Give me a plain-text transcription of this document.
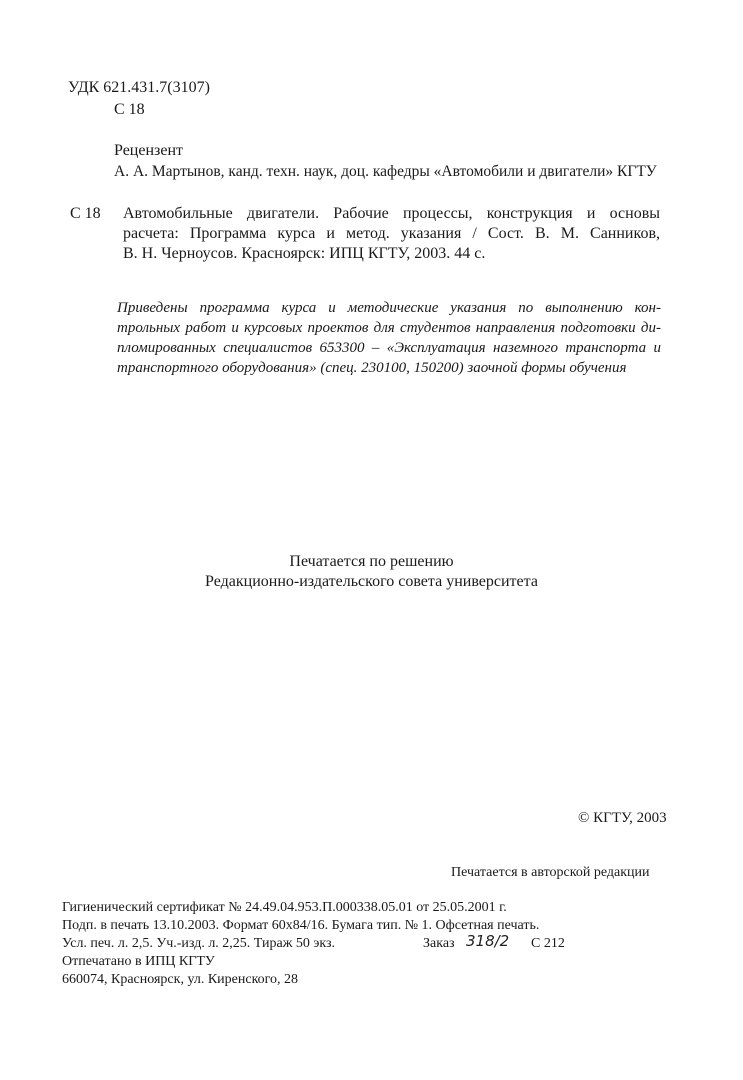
УДК 621.431.7(3107)
С 18
Рецензент
А. А. Мартынов, канд. техн. наук, доц. кафедры «Автомобили и двигатели» КГТУ
С 18 Автомобильные двигатели. Рабочие процессы, конструкция и основы
расчета: Программа курса и метод. указания / Сост. В. М. Санников,
В. Н. Черноусов. Красноярск: ИПЦ КГТУ, 2003. 44 с.
Приведены программа курса и методические указания по выполнению кон-
трольных работ и курсовых проектов для студентов направления подготовки ди-
пломированных специалистов 653300 – «Эксплуатация наземного транспорта и
транспортного оборудования» (спец. 230100, 150200) заочной формы обучения
Печатается по решению
Редакционно-издательского совета университета
© КГТУ, 2003
Печатается в авторской редакции
Гигиенический сертификат № 24.49.04.953.П.000338.05.01 от 25.05.2001 г.
Подп. в печать 13.10.2003. Формат 60х84/16. Бумага тип. № 1. Офсетная печать.
Усл. печ. л. 2,5. Уч.-изд. л. 2,25. Тираж 50 экз.	Заказ 318/2 С 212
Отпечатано в ИПЦ КГТУ
660074, Красноярск, ул. Киренского, 28
